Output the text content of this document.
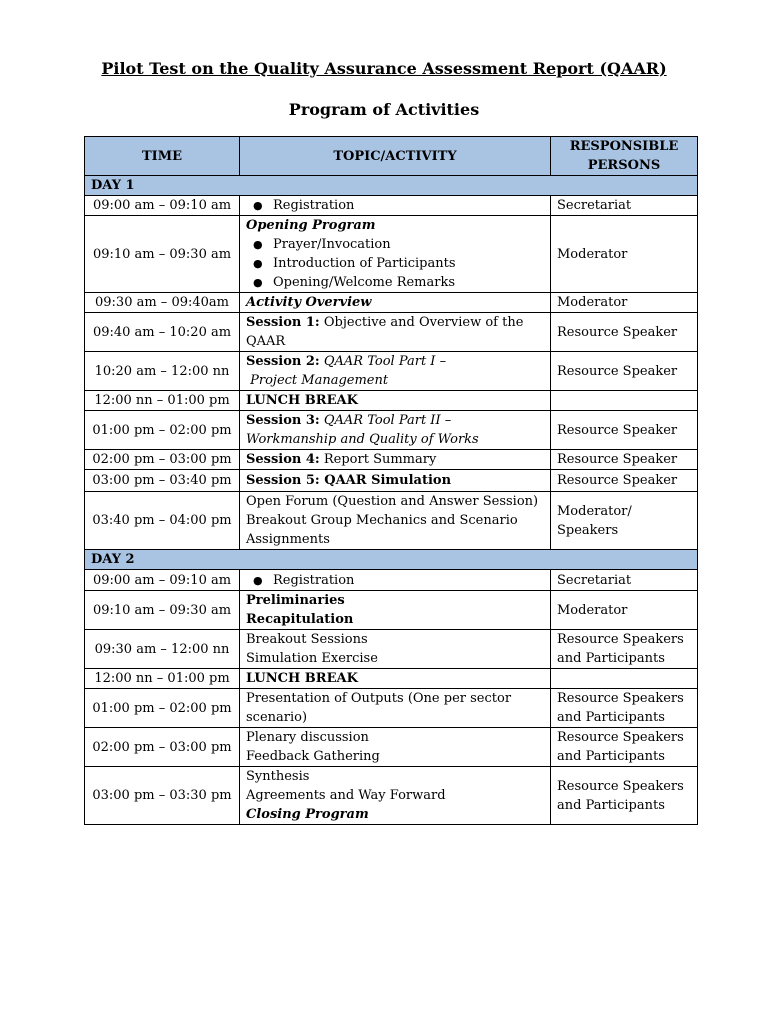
Pilot Test on the Quality Assurance Assessment Report (QAAR)
Program of Activities
TIME	TOPIC/ACTIVITY	RESPONSIBLE
PERSONS

DAY 1		
09:00 am – 09:10 am	● Registration	Secretariat
09:10 am – 09:30 am	Opening Program
● Prayer/Invocation
● Introduction of Participants
● Opening/Welcome Remarks	Moderator
09:30 am – 09:40am	Activity Overview	Moderator
09:40 am – 10:20 am	Session 1: Objective and Overview of the
QAAR	Resource Speaker
10:20 am – 12:00 nn	Session 2: QAAR Tool Part I –
Project Management	Resource Speaker
12:00 nn – 01:00 pm	LUNCH BREAK	
01:00 pm – 02:00 pm	Session 3: QAAR Tool Part II –
Workmanship and Quality of Works	Resource Speaker
02:00 pm – 03:00 pm	Session 4: Report Summary	Resource Speaker
03:00 pm – 03:40 pm	Session 5: QAAR Simulation	Resource Speaker
03:40 pm – 04:00 pm	Open Forum (Question and Answer Session)
Breakout Group Mechanics and Scenario
Assignments	Moderator/
Speakers

DAY 2		
09:00 am – 09:10 am	● Registration	Secretariat
09:10 am – 09:30 am	Preliminaries
Recapitulation	Moderator
09:30 am – 12:00 nn	Breakout Sessions
Simulation Exercise	Resource Speakers
and Participants

12:00 nn – 01:00 pm	LUNCH BREAK	
01:00 pm – 02:00 pm	Presentation of Outputs (One per sector
scenario)	Resource Speakers
and Participants

02:00 pm – 03:00 pm	Plenary discussion
Feedback Gathering	Resource Speakers
and Participants

03:00 pm – 03:30 pm	Synthesis
Agreements and Way Forward
Closing Program	Resource Speakers
and Participants
